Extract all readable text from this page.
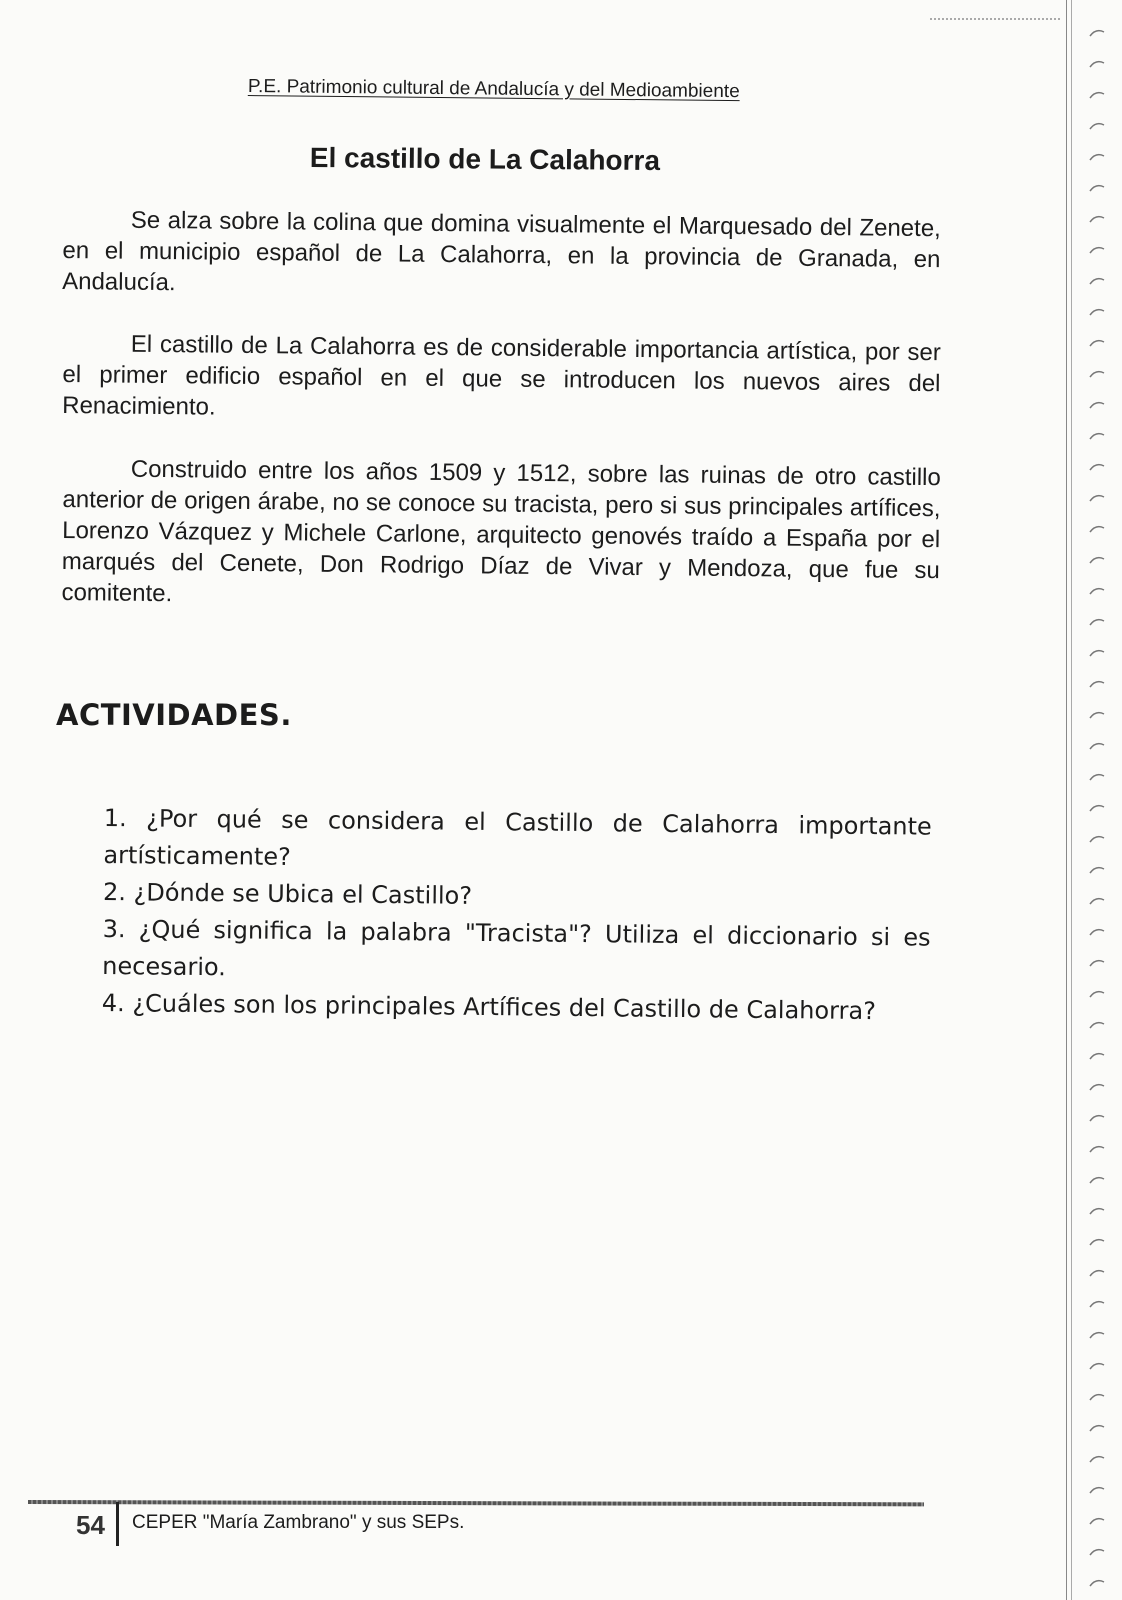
P.E. Patrimonio cultural de Andalucía y del Medioambiente
El castillo de La Calahorra

Se alza sobre la colina que domina visualmente el Marquesado del Zenete, en el municipio español de La Calahorra, en la provincia de Granada, en Andalucía.

El castillo de La Calahorra es de considerable importancia artística, por ser el primer edificio español en el que se introducen los nuevos aires del Renacimiento.

Construido entre los años 1509 y 1512, sobre las ruinas de otro castillo anterior de origen árabe, no se conoce su tracista, pero si sus principales artífices, Lorenzo Vázquez y Michele Carlone, arquitecto genovés traído a España por el marqués del Cenete, Don Rodrigo Díaz de Vivar y Mendoza, que fue su comitente.

ACTIVIDADES.
1. ¿Por qué se considera el Castillo de Calahorra importante artísticamente?
2. ¿Dónde se Ubica el Castillo?
3. ¿Qué significa la palabra "Tracista"? Utiliza el diccionario si es necesario.
4. ¿Cuáles son los principales Artífices del Castillo de Calahorra?
54 CEPER "María Zambrano" y sus SEPs.
